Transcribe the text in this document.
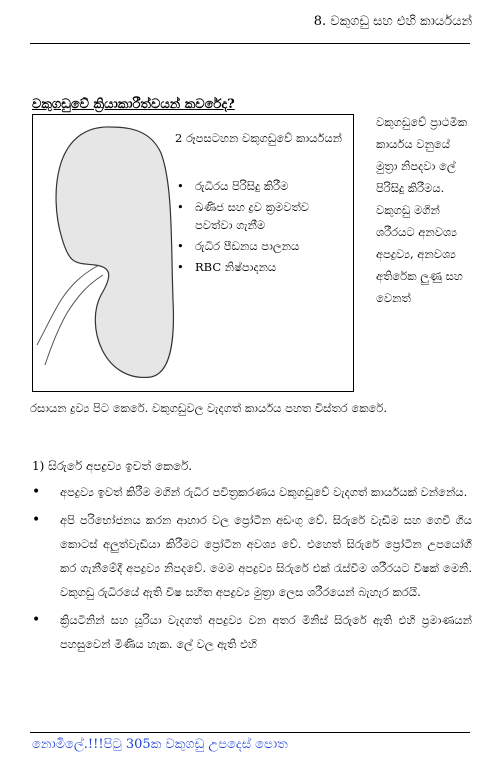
8. වකුගඩු සහ එහි කාර්යයන්
වකුගඩුවේ ක්‍රියාකාරීත්වයන් කවරේද?
2 රූපසටහන වකුගඩුවේ කාර්යයන්
• රුධිරය පිරිසිදු කිරීම
• ඛණිජ සහ ද්‍රව ක්‍රමවත්ව පවත්වා ගැනීම
• රුධිර පීඩනය පාලනය
• RBC නිෂ්පාදනය

වකුගඩුවේ ප්‍රාථමික කාර්යය වනුයේ මුත්‍රා නිපදවා ලේ පිරිසිදු කිරීමය. වකුගඩු මගින් ශරීරයට අනවශ්‍ය අපද්‍රව්‍ය, අනවශ්‍ය අතිරේක ලුණු සහ වෙනත්

රසායන ද්‍රව්‍ය පිට කෙරේ. වකුගඩුවල වැදගත් කාර්යය පහත විස්තර කෙරේ.

1) සිරුරේ අපද්‍රව්‍ය ඉවත් කෙරේ.
• අපද්‍රව්‍ය ඉවත් කිරීම මගින් රුධිර පවිත්‍රකරණය වකුගඩුවේ වැදගත් කාර්යයක් වන්නේය.
• අපි පරිභෝජනය කරන ආහාර වල ප්‍රෝටීන අඩංගු වේ. සිරුරේ වැඩීම සහ ගෙවී ගිය කොටස් අලුත්වැඩියා කිරීමට ප්‍රෝටීන අවශ්‍ය වේ. එහෙත් සිරුරේ ප්‍රෝටීන උපයෝගී කර ගැනීමේදී අපද්‍රව්‍ය නිපදවේ. මෙම අපද්‍රව්‍ය සිරුරේ එක් රැස්වීම ශරීරයට විෂක් මෙනි. වකුගඩු රුධිරයේ ඇති විෂ සහිත අපද්‍රව්‍ය මුත්‍රා ලෙස ශරීරයෙන් බැහැර කරයි.
• ක්‍රියටිනින් සහ යූරියා වැදගත් අපද්‍රව්‍ය වන අතර මිනිස් සිරුරේ ඇති එහි ප්‍රමාණයන් පහසුවෙන් මිණිය හැක. ලේ වල ඇති එහි
නොමිලේ.!!!පිටු 305ක වකුගඩු උපදෙස් පොත
